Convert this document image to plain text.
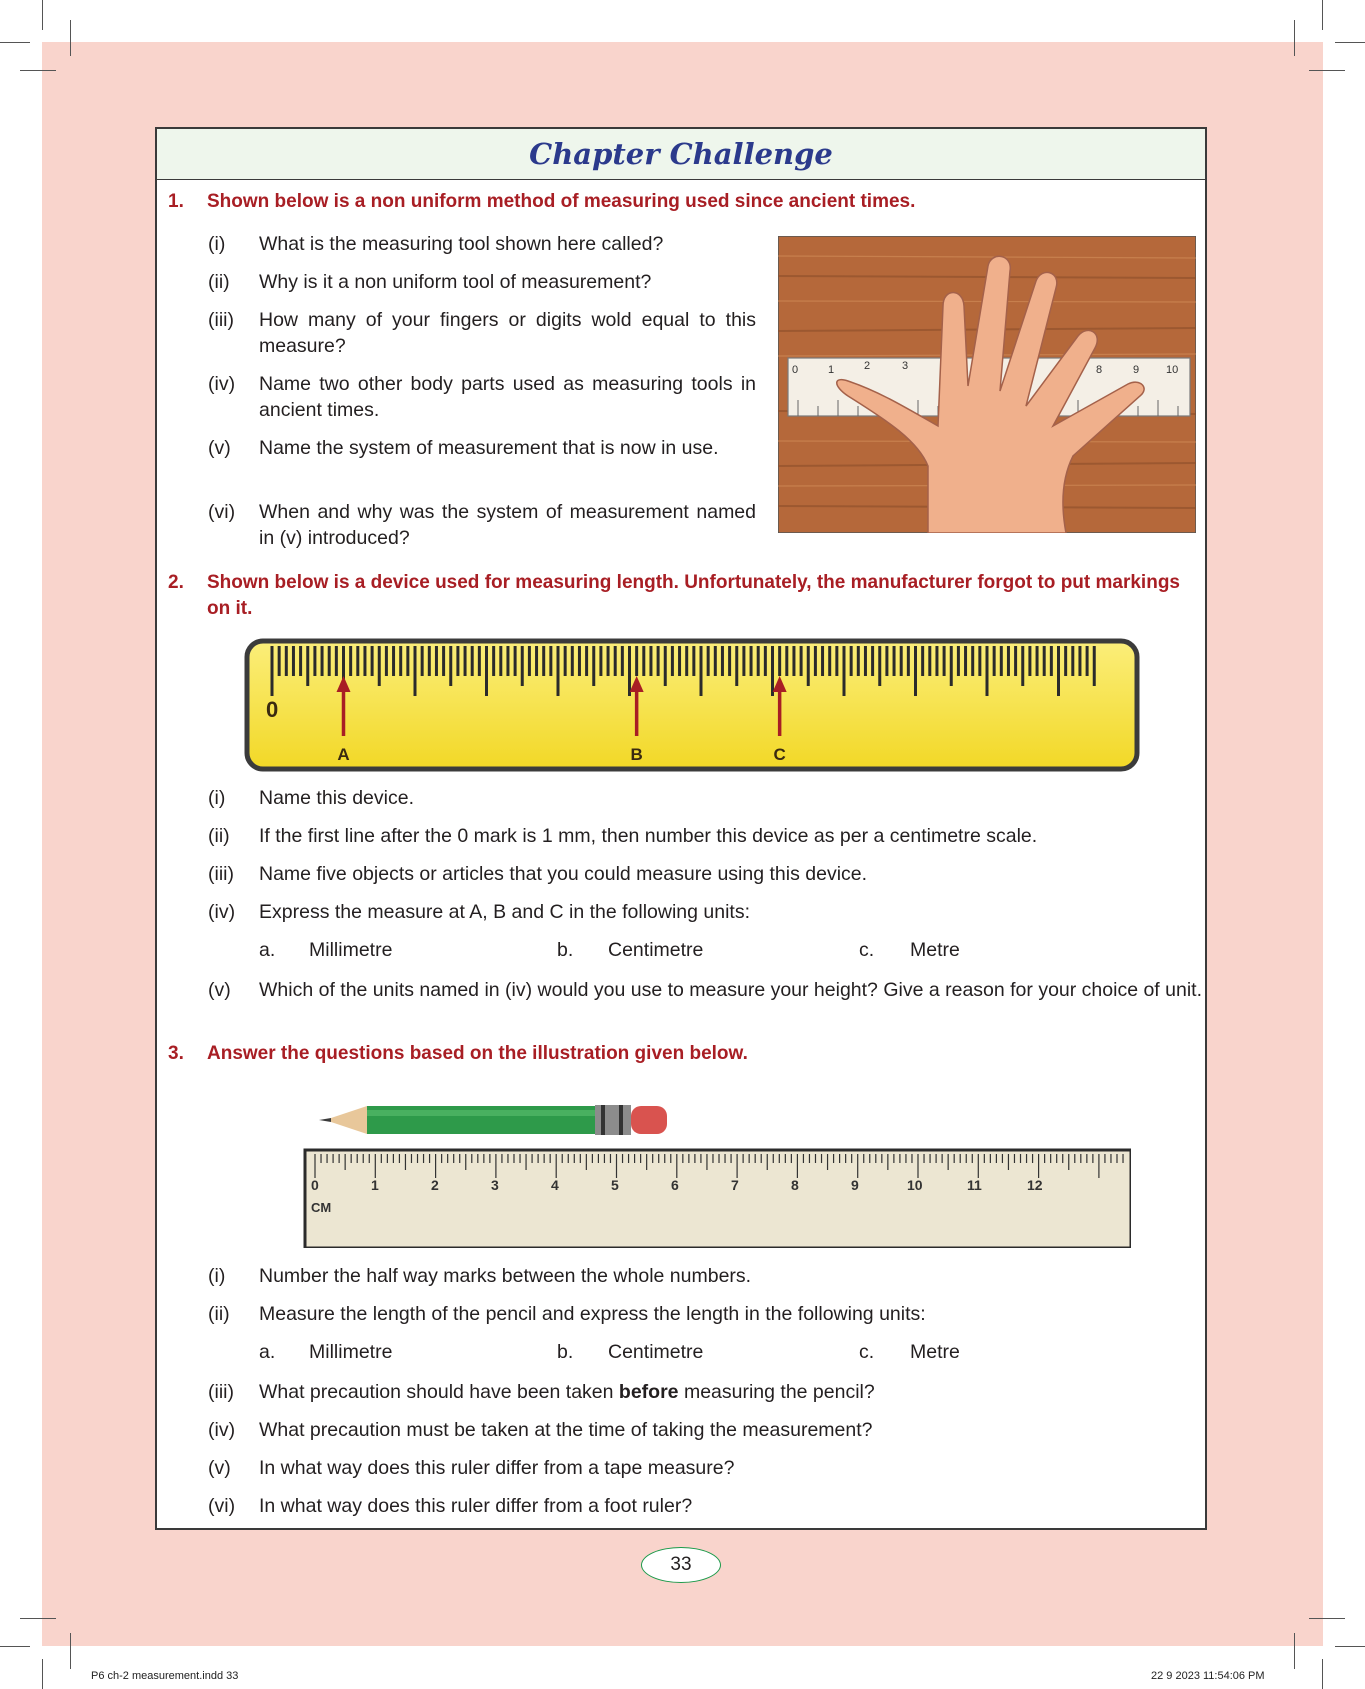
Chapter Challenge
1. Shown below is a non uniform method of measuring used since ancient times.
(i) What is the measuring tool shown here called?
(ii) Why is it a non uniform tool of measurement?
(iii) How many of your fingers or digits wold equal to this measure?
(iv) Name two other body parts used as measuring tools in ancient times.
(v) Name the system of measurement that is now in use.
(vi) When and why was the system of measurement named in (v) introduced?
0	1	2	3	8	9 10
2. Shown below is a device used for measuring length. Unfortunately, the manufacturer forgot to put markings on it.
A	B	C
0
(i) Name this device.
(ii) If the first line after the 0 mark is 1 mm, then number this device as per a centimetre scale.
(iii) Name five objects or articles that you could measure using this device.
(iv) Express the measure at A, B and C in the following units:
a. Millimetre	b. Centimetre	c. Metre
(v) Which of the units named in (iv) would you use to measure your height? Give a reason for your choice of unit.
3. Answer the questions based on the illustration given below.
0	1	2	3	4	5	6	7	8	9	10	11	12
CM
(i) Number the half way marks between the whole numbers.
(ii) Measure the length of the pencil and express the length in the following units:
a. Millimetre	b. Centimetre	c. Metre
(iii) What precaution should have been taken before measuring the pencil?
(iv) What precaution must be taken at the time of taking the measurement?
(v) In what way does this ruler differ from a tape measure?
(vi) In what way does this ruler differ from a foot ruler?
33
P6 ch-2 measurement.indd 33	22 9 2023 11:54:06 PM
